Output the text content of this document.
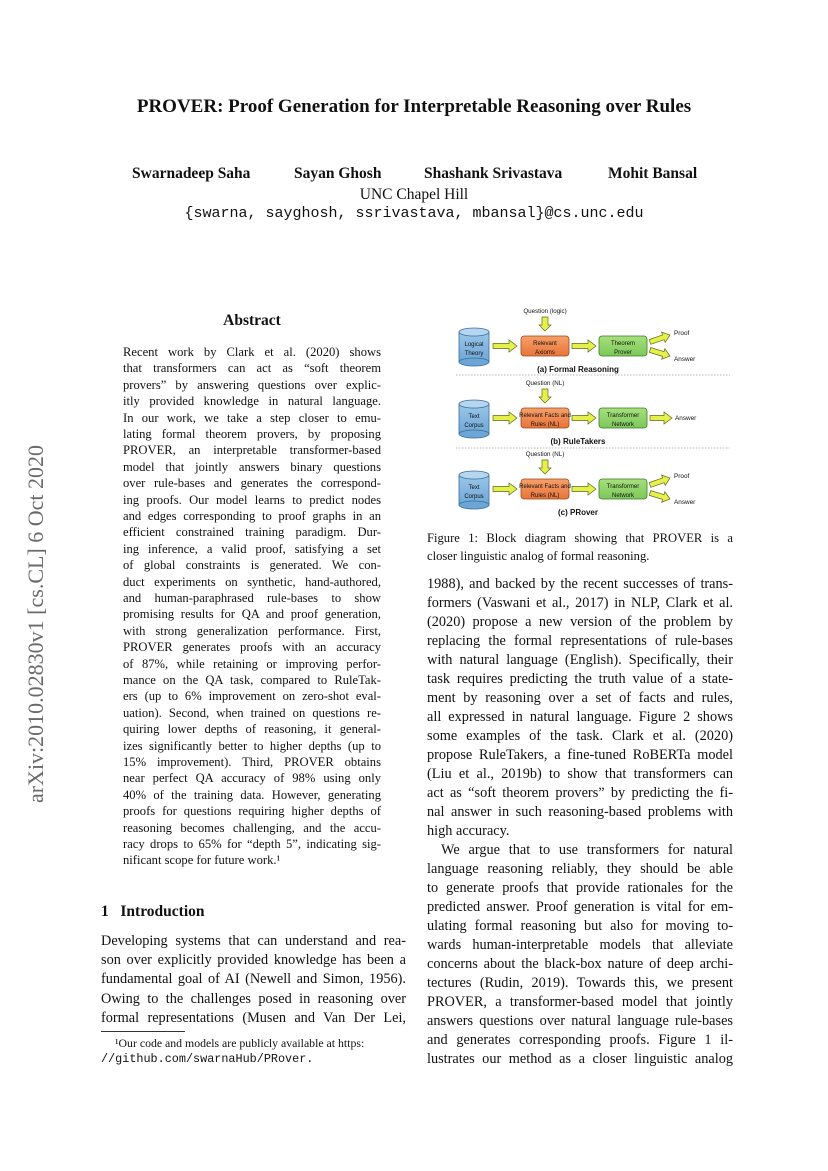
PROVER: Proof Generation for Interpretable Reasoning over Rules
Swarnadeep Saha	Sayan Ghosh	Shashank Srivastava	Mohit Bansal
UNC Chapel Hill
{swarna, sayghosh, ssrivastava, mbansal}@cs.unc.edu
arXiv:2010.02830v1 [cs.CL] 6 Oct 2020
Abstract
Recent work by Clark et al. (2020) shows
that transformers can act as “soft theorem
provers” by answering questions over explic-
itly provided knowledge in natural language.
In our work, we take a step closer to emu-
lating formal theorem provers, by proposing
PROVER, an interpretable transformer-based
model that jointly answers binary questions
over rule-bases and generates the correspond-
ing proofs. Our model learns to predict nodes
and edges corresponding to proof graphs in an
efficient constrained training paradigm. Dur-
ing inference, a valid proof, satisfying a set
of global constraints is generated. We con-
duct experiments on synthetic, hand-authored,
and human-paraphrased rule-bases to show
promising results for QA and proof generation,
with strong generalization performance. First,
PROVER generates proofs with an accuracy
of 87%, while retaining or improving perfor-
mance on the QA task, compared to RuleTak-
ers (up to 6% improvement on zero-shot eval-
uation). Second, when trained on questions re-
quiring lower depths of reasoning, it general-
izes significantly better to higher depths (up to
15% improvement). Third, PROVER obtains
near perfect QA accuracy of 98% using only
40% of the training data. However, generating
proofs for questions requiring higher depths of
reasoning becomes challenging, and the accu-
racy drops to 65% for “depth 5”, indicating sig-
nificant scope for future work.¹
1 Introduction
Developing systems that can understand and rea-
son over explicitly provided knowledge has been a
fundamental goal of AI (Newell and Simon, 1956).
Owing to the challenges posed in reasoning over
formal representations (Musen and Van Der Lei,
¹Our code and models are publicly available at https:
//github.com/swarnaHub/PRover.
Question (logic)
Logical
Theory
Relevant
Axioms
Theorem
Prover
Proof
Answer
(a) Formal Reasoning
Question (NL)
Text
Corpus
Relevant Facts and
Rules (NL)
Transformer
Network
Answer
(b) RuleTakers
Question (NL)
Text
Corpus
Relevant Facts and
Rules (NL)
Transformer
Network
Proof
Answer
(c) PRover
Figure 1: Block diagram showing that PROVER is a
closer linguistic analog of formal reasoning.
1988), and backed by the recent successes of trans-
formers (Vaswani et al., 2017) in NLP, Clark et al.
(2020) propose a new version of the problem by
replacing the formal representations of rule-bases
with natural language (English). Specifically, their
task requires predicting the truth value of a state-
ment by reasoning over a set of facts and rules,
all expressed in natural language. Figure 2 shows
some examples of the task. Clark et al. (2020)
propose RuleTakers, a fine-tuned RoBERTa model
(Liu et al., 2019b) to show that transformers can
act as “soft theorem provers” by predicting the fi-
nal answer in such reasoning-based problems with
high accuracy.
We argue that to use transformers for natural
language reasoning reliably, they should be able
to generate proofs that provide rationales for the
predicted answer. Proof generation is vital for em-
ulating formal reasoning but also for moving to-
wards human-interpretable models that alleviate
concerns about the black-box nature of deep archi-
tectures (Rudin, 2019). Towards this, we present
PROVER, a transformer-based model that jointly
answers questions over natural language rule-bases
and generates corresponding proofs. Figure 1 il-
lustrates our method as a closer linguistic analog
